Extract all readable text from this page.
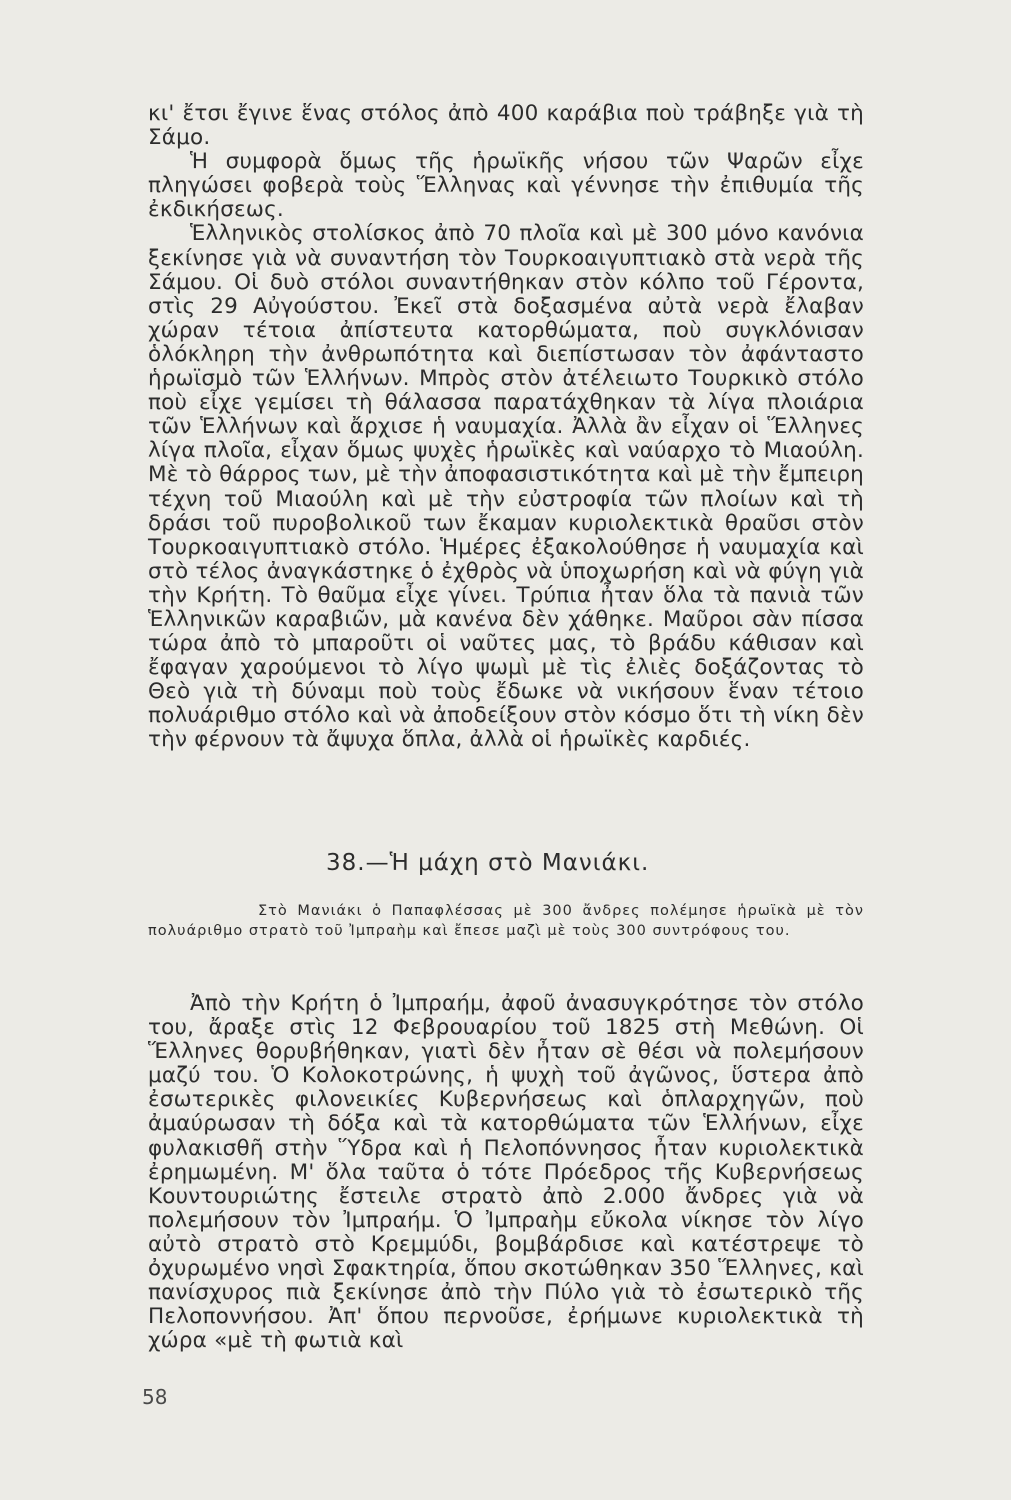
κι' ἔτσι ἔγινε ἕνας στόλος ἀπὸ 400 καράβια ποὺ τράβηξε γιὰ τὴ Σάμο.

Ἡ συμφορὰ ὅμως τῆς ἡρωϊκῆς νήσου τῶν Ψαρῶν εἶχε πληγώσει φοβερὰ τοὺς Ἕλληνας καὶ γέννησε τὴν ἐπιθυμία τῆς ἐκδικήσεως.

Ἑλληνικὸς στολίσκος ἀπὸ 70 πλοῖα καὶ μὲ 300 μόνο κανόνια ξεκίνησε γιὰ νὰ συναντήση τὸν Τουρκοαιγυπτιακὸ στὰ νερὰ τῆς Σάμου. Οἱ δυὸ στόλοι συναντήθηκαν στὸν κόλπο τοῦ Γέροντα, στὶς 29 Αὐγούστου. Ἐκεῖ στὰ δοξασμένα αὐτὰ νερὰ ἔλαβαν χώραν τέτοια ἀπίστευτα κατορθώματα, ποὺ συγκλόνισαν ὁλόκληρη τὴν ἀνθρωπότητα καὶ διεπίστωσαν τὸν ἀφάνταστο ἡρωϊσμὸ τῶν Ἑλλήνων. Μπρὸς στὸν ἀτέλειωτο Τουρκικὸ στόλο ποὺ εἶχε γεμίσει τὴ θάλασσα παρατάχθηκαν τὰ λίγα πλοιάρια τῶν Ἑλλήνων καὶ ἄρχισε ἡ ναυμαχία. Ἀλλὰ ἂν εἶχαν οἱ Ἕλληνες λίγα πλοῖα, εἶχαν ὅμως ψυχὲς ἡρωϊκὲς καὶ ναύαρχο τὸ Μιαούλη. Μὲ τὸ θάρρος των, μὲ τὴν ἀποφασιστικότητα καὶ μὲ τὴν ἔμπειρη τέχνη τοῦ Μιαούλη καὶ μὲ τὴν εὐστροφία τῶν πλοίων καὶ τὴ δράσι τοῦ πυροβολικοῦ των ἔκαμαν κυριολεκτικὰ θραῦσι στὸν Τουρκοαιγυπτιακὸ στόλο. Ἡμέρες ἐξακολούθησε ἡ ναυμαχία καὶ στὸ τέλος ἀναγκάστηκε ὁ ἐχθρὸς νὰ ὑποχωρήση καὶ νὰ φύγη γιὰ τὴν Κρήτη. Τὸ θαῦμα εἶχε γίνει. Τρύπια ἦταν ὅλα τὰ πανιὰ τῶν Ἑλληνικῶν καραβιῶν, μὰ κανένα δὲν χάθηκε. Μαῦροι σὰν πίσσα τώρα ἀπὸ τὸ μπαροῦτι οἱ ναῦτες μας, τὸ βράδυ κάθισαν καὶ ἔφαγαν χαρούμενοι τὸ λίγο ψωμὶ μὲ τὶς ἐλιὲς δοξάζοντας τὸ Θεὸ γιὰ τὴ δύναμι ποὺ τοὺς ἔδωκε νὰ νικήσουν ἕναν τέτοιο πολυάριθμο στόλο καὶ νὰ ἀποδείξουν στὸν κόσμο ὅτι τὴ νίκη δὲν τὴν φέρνουν τὰ ἄψυχα ὅπλα, ἀλλὰ οἱ ἡρωϊκὲς καρδιές.

38.—Ἡ μάχη στὸ Μανιάκι.
Στὸ Μανιάκι ὁ Παπαφλέσσας μὲ 300 ἄνδρες πολέμησε ἡρωϊκὰ μὲ τὸν πολυάριθμο στρατὸ τοῦ Ἰμπραὴμ καὶ ἔπεσε μαζὶ μὲ τοὺς 300 συντρόφους του.

Ἀπὸ τὴν Κρήτη ὁ Ἰμπραήμ, ἀφοῦ ἀνασυγκρότησε τὸν στόλο του, ἄραξε στὶς 12 Φεβρουαρίου τοῦ 1825 στὴ Μεθώνη. Οἱ Ἕλληνες θορυβήθηκαν, γιατὶ δὲν ἦταν σὲ θέσι νὰ πολεμήσουν μαζύ του. Ὁ Κολοκοτρώνης, ἡ ψυχὴ τοῦ ἀγῶνος, ὕστερα ἀπὸ ἐσωτερικὲς φιλονεικίες Κυβερνήσεως καὶ ὁπλαρχηγῶν, ποὺ ἀμαύρωσαν τὴ δόξα καὶ τὰ κατορθώματα τῶν Ἑλλήνων, εἶχε φυλακισθῆ στὴν Ὕδρα καὶ ἡ Πελοπόννησος ἦταν κυριολεκτικὰ ἐρημωμένη. Μ' ὅλα ταῦτα ὁ τότε Πρόεδρος τῆς Κυβερνήσεως Κουντουριώτης ἔστειλε στρατὸ ἀπὸ 2.000 ἄνδρες γιὰ νὰ πολεμήσουν τὸν Ἰμπραήμ. Ὁ Ἰμπραὴμ εὔκολα νίκησε τὸν λίγο αὐτὸ στρατὸ στὸ Κρεμμύδι, βομβάρδισε καὶ κατέστρεψε τὸ ὀχυρωμένο νησὶ Σφακτηρία, ὅπου σκοτώθηκαν 350 Ἕλληνες, καὶ πανίσχυρος πιὰ ξεκίνησε ἀπὸ τὴν Πύλο γιὰ τὸ ἐσωτερικὸ τῆς Πελοποννήσου. Ἀπ' ὅπου περνοῦσε, ἐρήμωνε κυριολεκτικὰ τὴ χώρα «μὲ τὴ φωτιὰ καὶ

58
